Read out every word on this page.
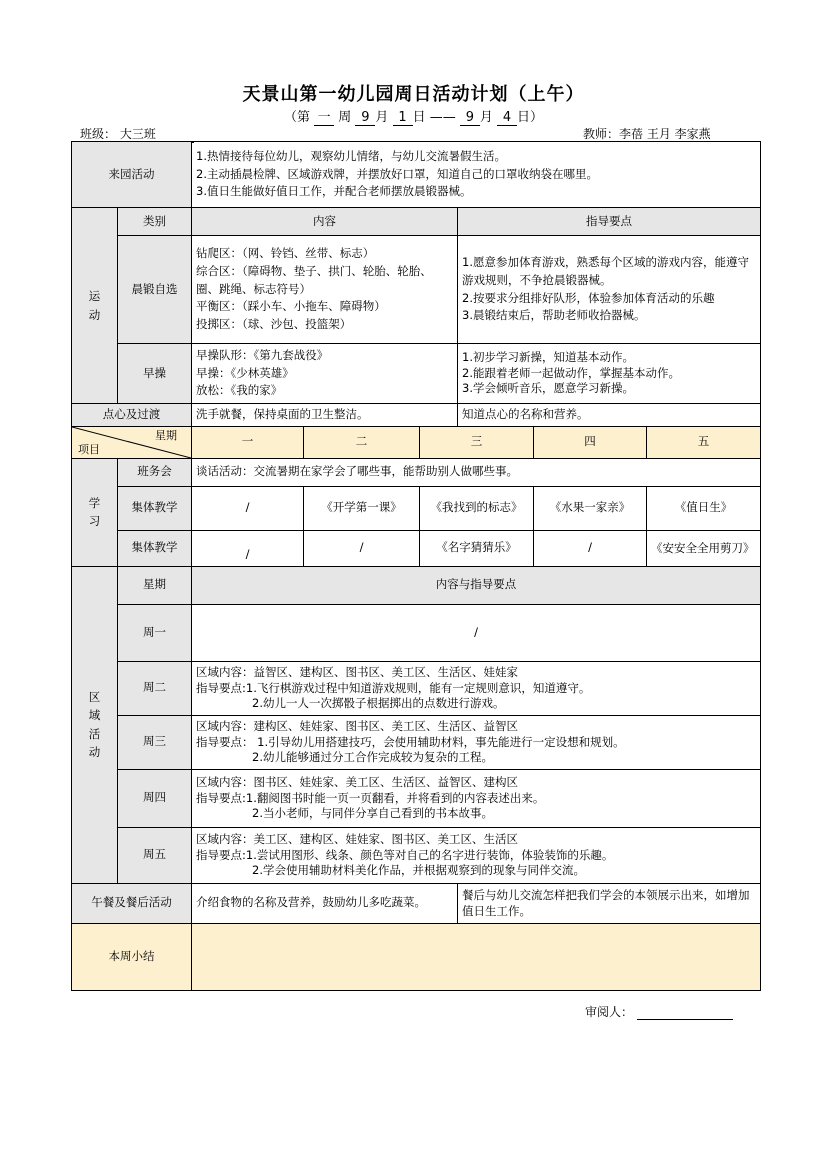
天景山第一幼儿园周日活动计划（上午）
（第 一 周 9 月 1 日 —— 9 月 4 日）
班级： 大三班	教师：李蓓 王月 李家燕
来园活动		1.热情接待每位幼儿，观察幼儿情绪，与幼儿交流暑假生活。
2.主动插晨检牌、区域游戏牌，并摆放好口罩，知道自己的口罩收纳袋在哪里。
3.值日生能做好值日工作，并配合老师摆放晨锻器械。					

运
动	类别	内容			指导要点		
	晨锻自选	钻爬区：（网、铃铛、丝带、标志）
综合区：（障碍物、垫子、拱门、轮胎、轮胎、圈、跳绳、标志符号）
平衡区：（踩小车、小拖车、障碍物）
投掷区：（球、沙包、投篮架）			1.愿意参加体育游戏，熟悉每个区域的游戏内容，能遵守游戏规则，不争抢晨锻器械。
2.按要求分组排好队形，体验参加体育活动的乐趣
3.晨锻结束后，帮助老师收拾器械。		

	早操	早操队形：《第九套战役》
早操：《少林英雄》
放松：《我的家》			1.初步学习新操，知道基本动作。
2.能跟着老师一起做动作，掌握基本动作。
3.学会倾听音乐，愿意学习新操。		

点心及过渡		洗手就餐，保持桌面的卫生整洁。			知道点心的名称和营养。		

星期
项目		一	二	三		四	五

学
习	班务会	谈话活动：交流暑期在家学会了哪些事，能帮助别人做哪些事。					
	集体教学	/	《开学第一课》	《我找到的标志》		《水果一家亲》	《值日生》
	集体教学	/	/	《名字猜猜乐》		/	《安安全全用剪刀》

区
域
活
动	星期	内容与指导要点					
	周一	/					
	周二	区域内容：益智区、建构区、图书区、美工区、生活区、娃娃家
指导要点:1.飞行棋游戏过程中知道游戏规则，能有一定规则意识，知道遵守。
2.幼儿一人一次掷骰子根据掷出的点数进行游戏。					

	周三	区域内容：建构区、娃娃家、图书区、美工区、生活区、益智区
指导要点： 1.引导幼儿用搭建技巧，会使用辅助材料，事先能进行一定设想和规划。
2.幼儿能够通过分工合作完成较为复杂的工程。					

	周四	区域内容：图书区、娃娃家、美工区、生活区、益智区、建构区
指导要点:1.翻阅图书时能一页一页翻看，并将看到的内容表述出来。
2.当小老师，与同伴分享自己看到的书本故事。					

	周五	区域内容：美工区、建构区、娃娃家、图书区、美工区、生活区
指导要点:1.尝试用图形、线条、颜色等对自己的名字进行装饰，体验装饰的乐趣。
2.学会使用辅助材料美化作品，并根据观察到的现象与同伴交流。					

午餐及餐后活动		介绍食物的名称及营养，鼓励幼儿多吃蔬菜。			餐后与幼儿交流怎样把我们学会的本领展示出来，如增加值日生工作。		
本周小结							
审阅人：
